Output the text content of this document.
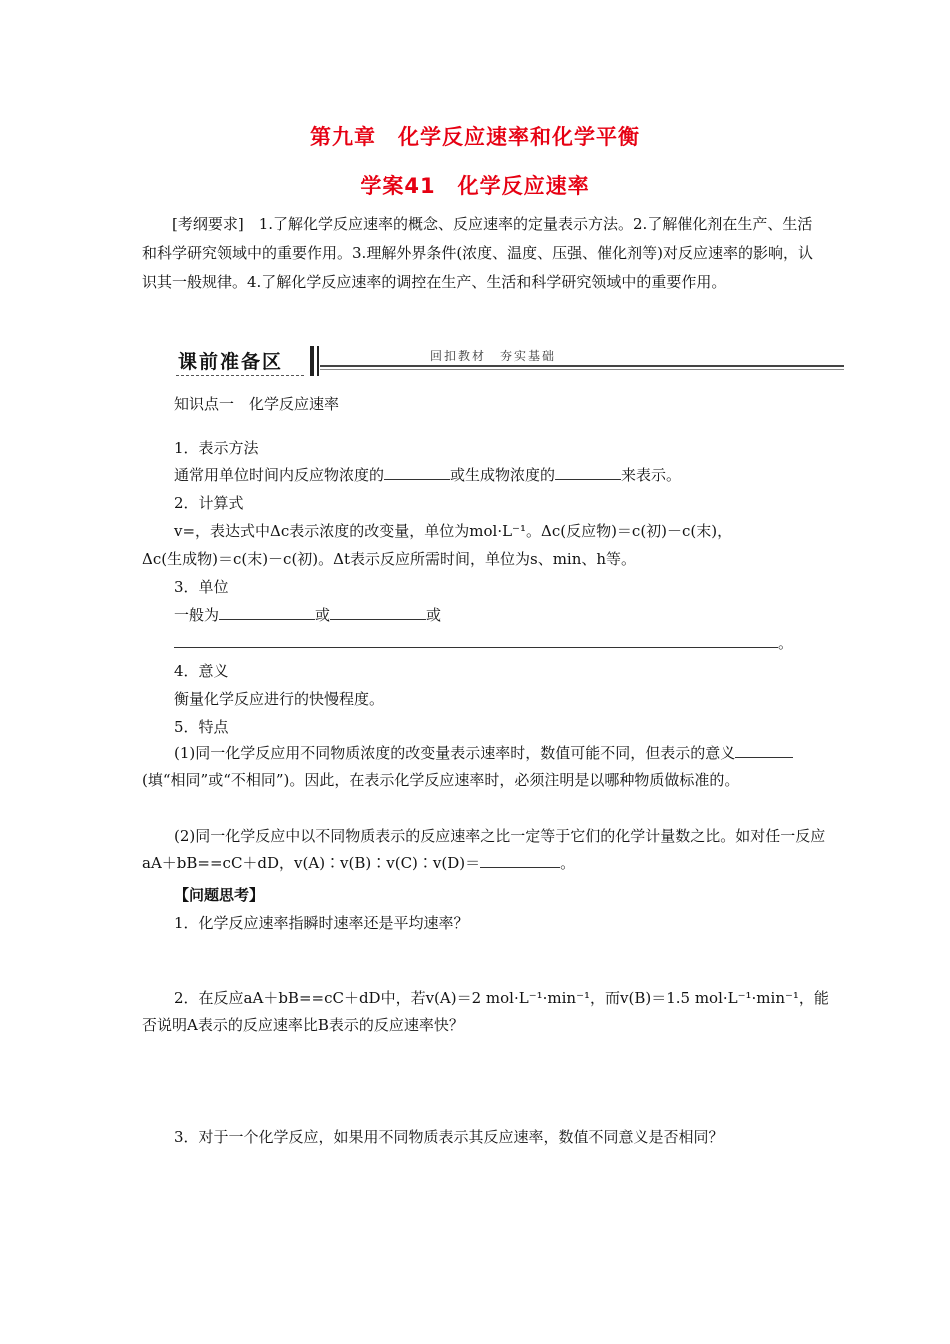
第九章　化学反应速率和化学平衡
学案41　化学反应速率
[考纲要求]　1.了解化学反应速率的概念、反应速率的定量表示方法。2.了解催化剂在生产、生活和科学研究领域中的重要作用。3.理解外界条件(浓度、温度、压强、催化剂等)对反应速率的影响，认识其一般规律。4.了解化学反应速率的调控在生产、生活和科学研究领域中的重要作用。
课前准备区	回扣教材　夯实基础
知识点一　化学反应速率
1．表示方法
通常用单位时间内反应物浓度的	或生成物浓度的	来表示。
2．计算式
v=，表达式中Δc表示浓度的改变量，单位为mol·L⁻¹。Δc(反应物)＝c(初)－c(末)，
Δc(生成物)＝c(末)－c(初)。Δt表示反应所需时间，单位为s、min、h等。
3．单位
一般为	或	或
。
4．意义
衡量化学反应进行的快慢程度。
5．特点
(1)同一化学反应用不同物质浓度的改变量表示速率时，数值可能不同，但表示的意义(填“相同”或“不相同”)。因此，在表示化学反应速率时，必须注明是以哪种物质做标准的。
(2)同一化学反应中以不同物质表示的反应速率之比一定等于它们的化学计量数之比。如对任一反应aA＋bB==cC＋dD，v(A)∶v(B)∶v(C)∶v(D)＝	。
【问题思考】
1．化学反应速率指瞬时速率还是平均速率？
2．在反应aA＋bB==cC＋dD中，若v(A)＝2 mol·L⁻¹·min⁻¹，而v(B)＝1.5 mol·L⁻¹·min⁻¹，能否说明A表示的反应速率比B表示的反应速率快？
3．对于一个化学反应，如果用不同物质表示其反应速率，数值不同意义是否相同？
